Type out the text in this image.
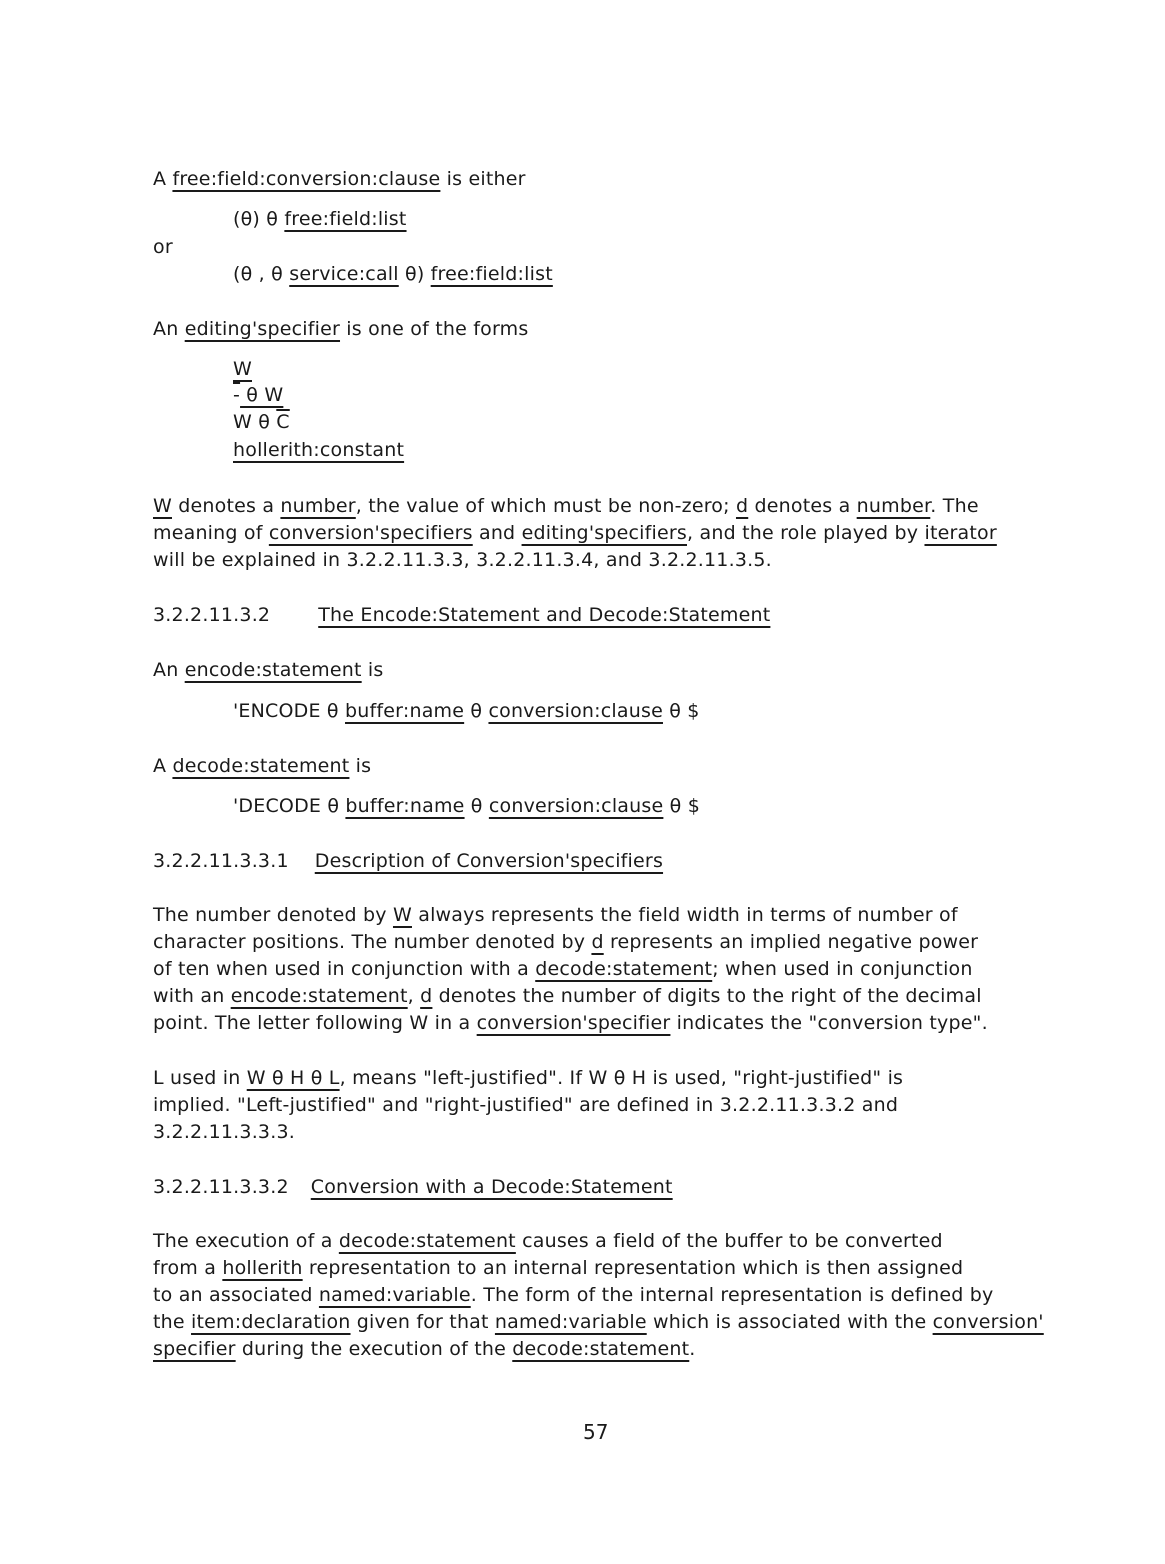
A free:field:conversion:clause is either
(θ) θ free:field:list
or
(θ , θ service:call θ) free:field:list
An editing'specifier is one of the forms
W
- θ W
W θ $\overline{C}$
hollerith:constant
W denotes a number, the value of which must be non-zero; d denotes a number. The
meaning of conversion'specifiers and editing'specifiers, and the role played by iterator
will be explained in 3.2.2.11.3.3, 3.2.2.11.3.4, and 3.2.2.11.3.5.
3.2.2.11.3.2	The Encode:Statement and Decode:Statement
An encode:statement is
'ENCODE θ buffer:name θ conversion:clause θ $
A decode:statement is
'DECODE θ buffer:name θ conversion:clause θ $
3.2.2.11.3.3.1 Description of Conversion'specifiers
The number denoted by W always represents the field width in terms of number of
character positions. The number denoted by d represents an implied negative power
of ten when used in conjunction with a decode:statement; when used in conjunction
with an encode:statement, d denotes the number of digits to the right of the decimal
point. The letter following W in a conversion'specifier indicates the "conversion type".
L used in W θ H θ L, means "left-justified". If W θ H is used, "right-justified" is
implied. "Left-justified" and "right-justified" are defined in 3.2.2.11.3.3.2 and
3.2.2.11.3.3.3.
3.2.2.11.3.3.2 Conversion with a Decode:Statement
The execution of a decode:statement causes a field of the buffer to be converted
from a hollerith representation to an internal representation which is then assigned
to an associated named:variable. The form of the internal representation is defined by
the item:declaration given for that named:variable which is associated with the conversion'
specifier during the execution of the decode:statement.
57
